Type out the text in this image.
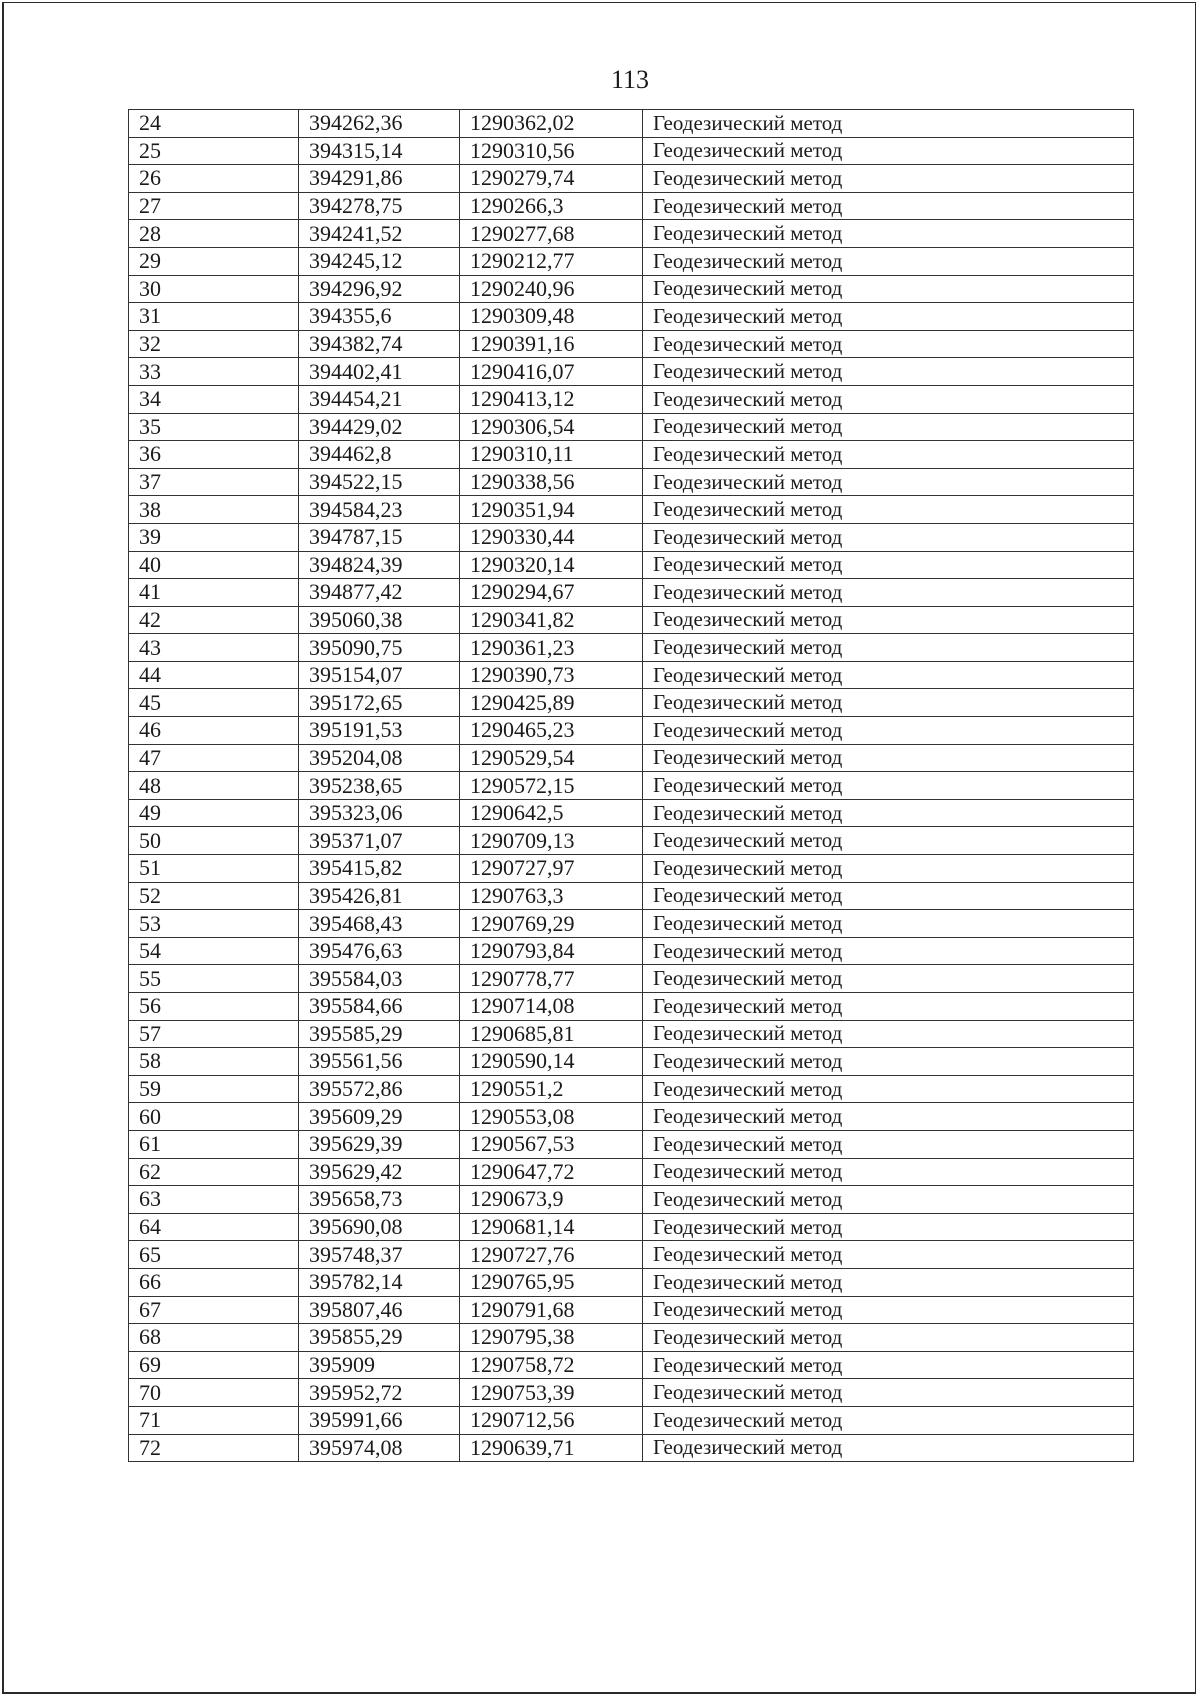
113
24	394262,36	1290362,02	Геодезический метод
25	394315,14	1290310,56	Геодезический метод
26	394291,86	1290279,74	Геодезический метод
27	394278,75	1290266,3	Геодезический метод
28	394241,52	1290277,68	Геодезический метод
29	394245,12	1290212,77	Геодезический метод
30	394296,92	1290240,96	Геодезический метод
31	394355,6	1290309,48	Геодезический метод
32	394382,74	1290391,16	Геодезический метод
33	394402,41	1290416,07	Геодезический метод
34	394454,21	1290413,12	Геодезический метод
35	394429,02	1290306,54	Геодезический метод
36	394462,8	1290310,11	Геодезический метод
37	394522,15	1290338,56	Геодезический метод
38	394584,23	1290351,94	Геодезический метод
39	394787,15	1290330,44	Геодезический метод
40	394824,39	1290320,14	Геодезический метод
41	394877,42	1290294,67	Геодезический метод
42	395060,38	1290341,82	Геодезический метод
43	395090,75	1290361,23	Геодезический метод
44	395154,07	1290390,73	Геодезический метод
45	395172,65	1290425,89	Геодезический метод
46	395191,53	1290465,23	Геодезический метод
47	395204,08	1290529,54	Геодезический метод
48	395238,65	1290572,15	Геодезический метод
49	395323,06	1290642,5	Геодезический метод
50	395371,07	1290709,13	Геодезический метод
51	395415,82	1290727,97	Геодезический метод
52	395426,81	1290763,3	Геодезический метод
53	395468,43	1290769,29	Геодезический метод
54	395476,63	1290793,84	Геодезический метод
55	395584,03	1290778,77	Геодезический метод
56	395584,66	1290714,08	Геодезический метод
57	395585,29	1290685,81	Геодезический метод
58	395561,56	1290590,14	Геодезический метод
59	395572,86	1290551,2	Геодезический метод
60	395609,29	1290553,08	Геодезический метод
61	395629,39	1290567,53	Геодезический метод
62	395629,42	1290647,72	Геодезический метод
63	395658,73	1290673,9	Геодезический метод
64	395690,08	1290681,14	Геодезический метод
65	395748,37	1290727,76	Геодезический метод
66	395782,14	1290765,95	Геодезический метод
67	395807,46	1290791,68	Геодезический метод
68	395855,29	1290795,38	Геодезический метод
69	395909	1290758,72	Геодезический метод
70	395952,72	1290753,39	Геодезический метод
71	395991,66	1290712,56	Геодезический метод
72	395974,08	1290639,71	Геодезический метод
